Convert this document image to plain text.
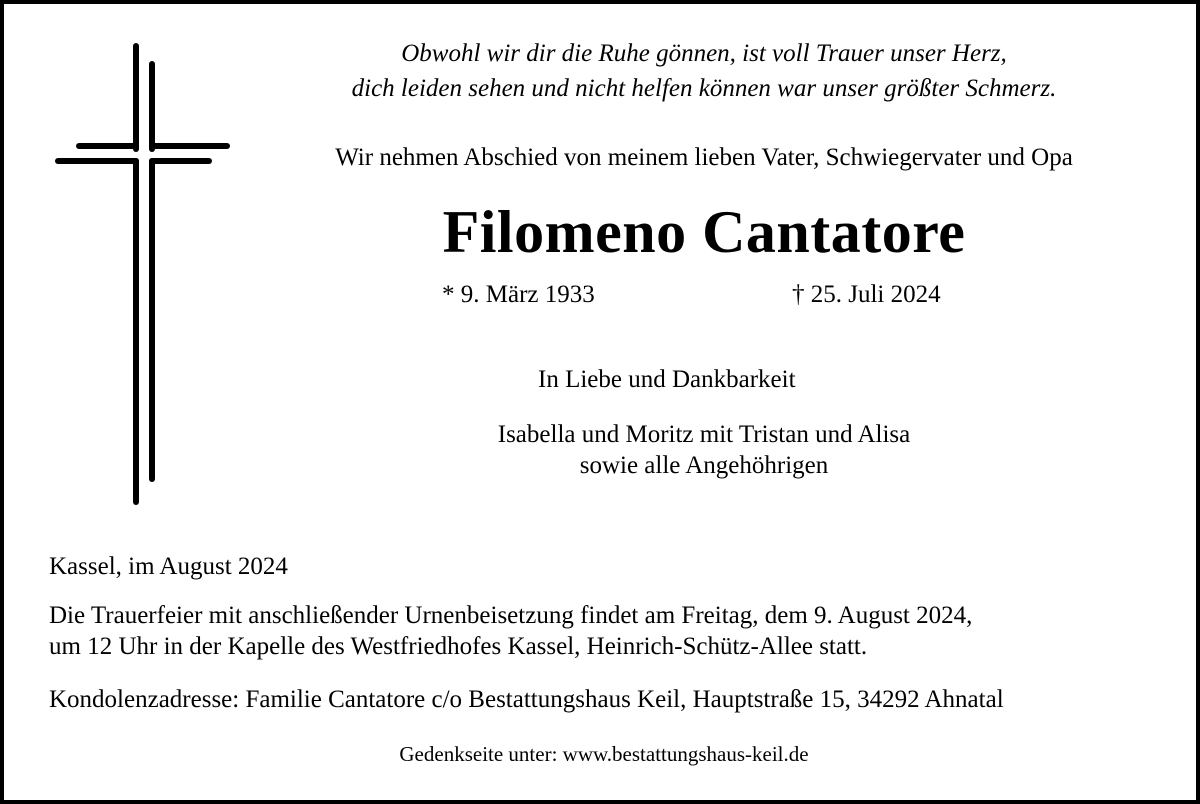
Obwohl wir dir die Ruhe gönnen, ist voll Trauer unser Herz,
dich leiden sehen und nicht helfen können war unser größter Schmerz.
Wir nehmen Abschied von meinem lieben Vater, Schwiegervater und Opa
Filomeno Cantatore
* 9. März 1933	† 25. Juli 2024
In Liebe und Dankbarkeit
Isabella und Moritz mit Tristan und Alisa
sowie alle Angehöhrigen
Kassel, im August 2024
Die Trauerfeier mit anschließender Urnenbeisetzung findet am Freitag, dem 9. August 2024,
um 12 Uhr in der Kapelle des Westfriedhofes Kassel, Heinrich-Schütz-Allee statt.
Kondolenzadresse: Familie Cantatore c/o Bestattungshaus Keil, Hauptstraße 15, 34292 Ahnatal
Gedenkseite unter: www.bestattungshaus-keil.de
